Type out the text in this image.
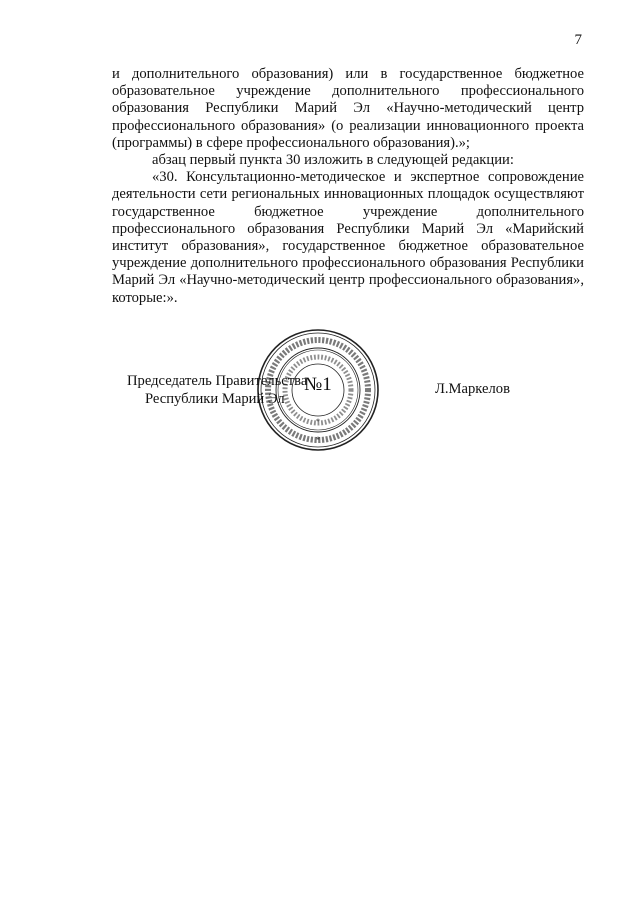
7

и дополнительного образования) или в государственное бюджетное образовательное учреждение дополнительного профессионального образования Республики Марий Эл «Научно-методический центр профессионального образования» (о реализации инновационного проекта (программы) в сфере профессионального образования).»;

абзац первый пункта 30 изложить в следующей редакции:

«30. Консультационно-методическое и экспертное сопровождение деятельности сети региональных инновационных площадок осуществляют государственное бюджетное учреждение дополнительного профессионального образования Республики Марий Эл «Марийский институт образования», государственное бюджетное образовательное учреждение дополнительного профессионального образования Республики Марий Эл «Научно-методический центр профессионального образования», которые:».

*
*
№1
Председатель Правительства
Республики Марий Эл
Л.Маркелов
